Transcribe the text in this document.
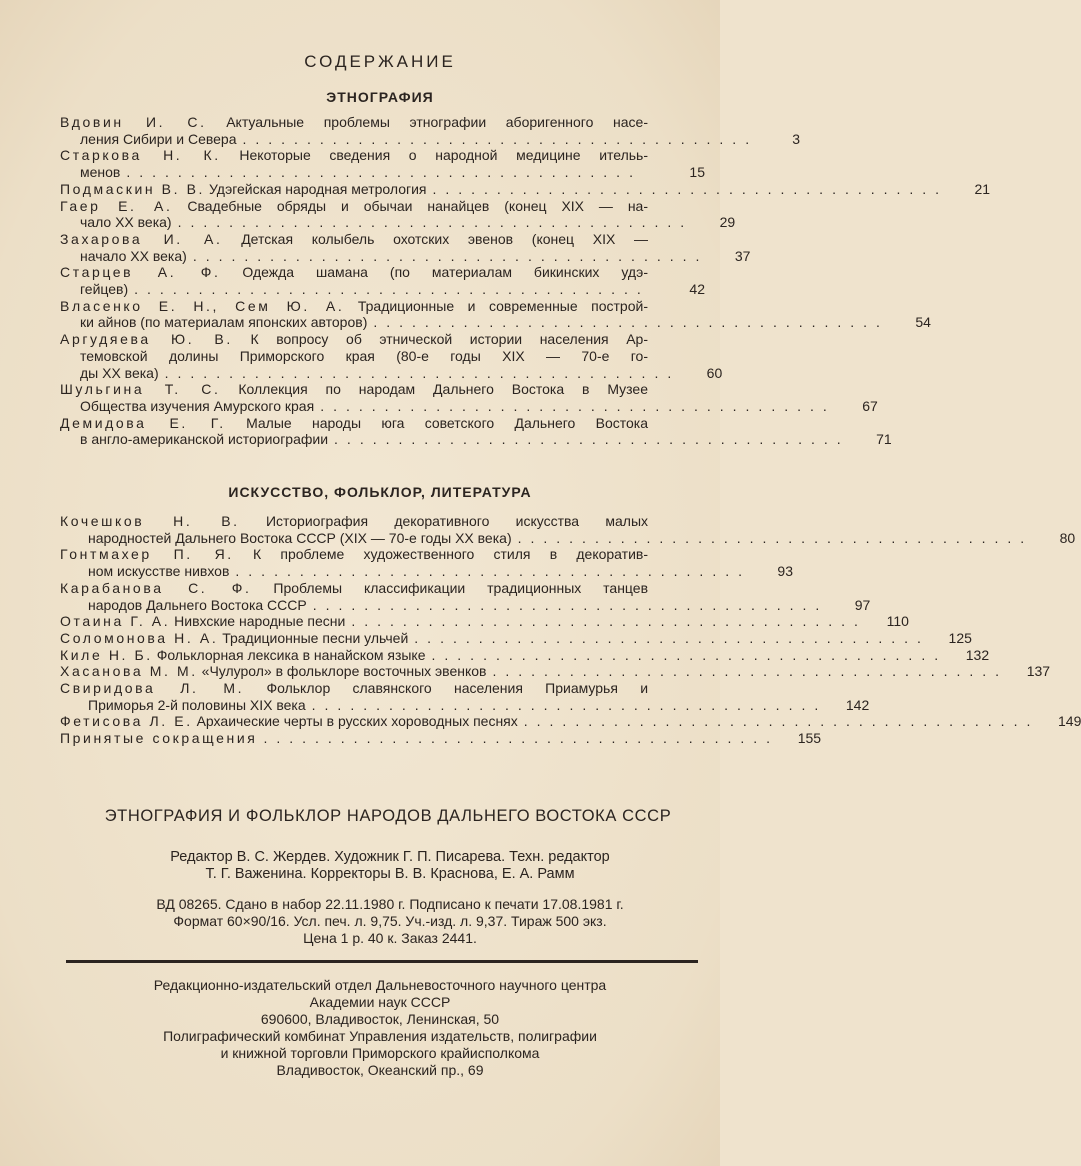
СОДЕРЖАНИЕ
ЭТНОГРАФИЯ
Вдовин И. С. Актуальные проблемы этнографии аборигенного насе-
ления Сибири и Севера ........................................	3
Старкова Н. К. Некоторые сведения о народной медицине ительь-
менов ........................................	15
Подмаскин В. В. Удэгейская народная метрология ........................................	21
Гаер Е. А. Свадебные обряды и обычаи нанайцев (конец XIX — на-
чало XX века) ........................................	29
Захарова И. А. Детская колыбель охотских эвенов (конец XIX —
начало XX века) ........................................	37
Старцев А. Ф. Одежда шамана (по материалам бикинских удэ-
гейцев) ........................................	42
Власенко Е. Н., Сем Ю. А. Традиционные и современные построй-
ки айнов (по материалам японских авторов) ........................................	54
Аргудяева Ю. В. К вопросу об этнической истории населения Ар-
темовской долины Приморского края (80-е годы XIX — 70-е го-
ды XX века) ........................................	60
Шульгина Т. С. Коллекция по народам Дальнего Востока в Музее
Общества изучения Амурского края ........................................	67
Демидова Е. Г. Малые народы юга советского Дальнего Востока
в англо-американской историографии ........................................	71
ИСКУССТВО, ФОЛЬКЛОР, ЛИТЕРАТУРА
Кочешков Н. В. Историография декоративного искусства малых
народностей Дальнего Востока СССР (XIX — 70-е годы XX века) ........................................	80
Гонтмахер П. Я. К проблеме художественного стиля в декоратив-
ном искусстве нивхов ........................................	93
Карабанова С. Ф. Проблемы классификации традиционных танцев
народов Дальнего Востока СССР ........................................	97
Отаина Г. А. Нивхские народные песни ........................................	110
Соломонова Н. А. Традиционные песни ульчей ........................................	125
Киле Н. Б. Фольклорная лексика в нанайском языке ........................................	132
Хасанова М. М. «Чулурол» в фольклоре восточных эвенков ........................................	137
Свиридова Л. М. Фольклор славянского населения Приамурья и
Приморья 2-й половины XIX века ........................................	142
Фетисова Л. Е. Архаические черты в русских хороводных песнях ........................................	149
Принятые сокращения ........................................	155
ЭТНОГРАФИЯ И ФОЛЬКЛОР НАРОДОВ ДАЛЬНЕГО ВОСТОКА СССР
Редактор В. С. Жердев. Художник Г. П. Писарева. Техн. редактор
Т. Г. Важенина. Корректоры В. В. Краснова, Е. А. Рамм
ВД 08265. Сдано в набор 22.11.1980 г. Подписано к печати 17.08.1981 г.
Формат 60×90/16. Усл. печ. л. 9,75. Уч.-изд. л. 9,37. Тираж 500 экз.
Цена 1 р. 40 к. Заказ 2441.
Редакционно-издательский отдел Дальневосточного научного центра
Академии наук СССР
690600, Владивосток, Ленинская, 50
Полиграфический комбинат Управления издательств, полиграфии
и книжной торговли Приморского крайисполкома
Владивосток, Океанский пр., 69
